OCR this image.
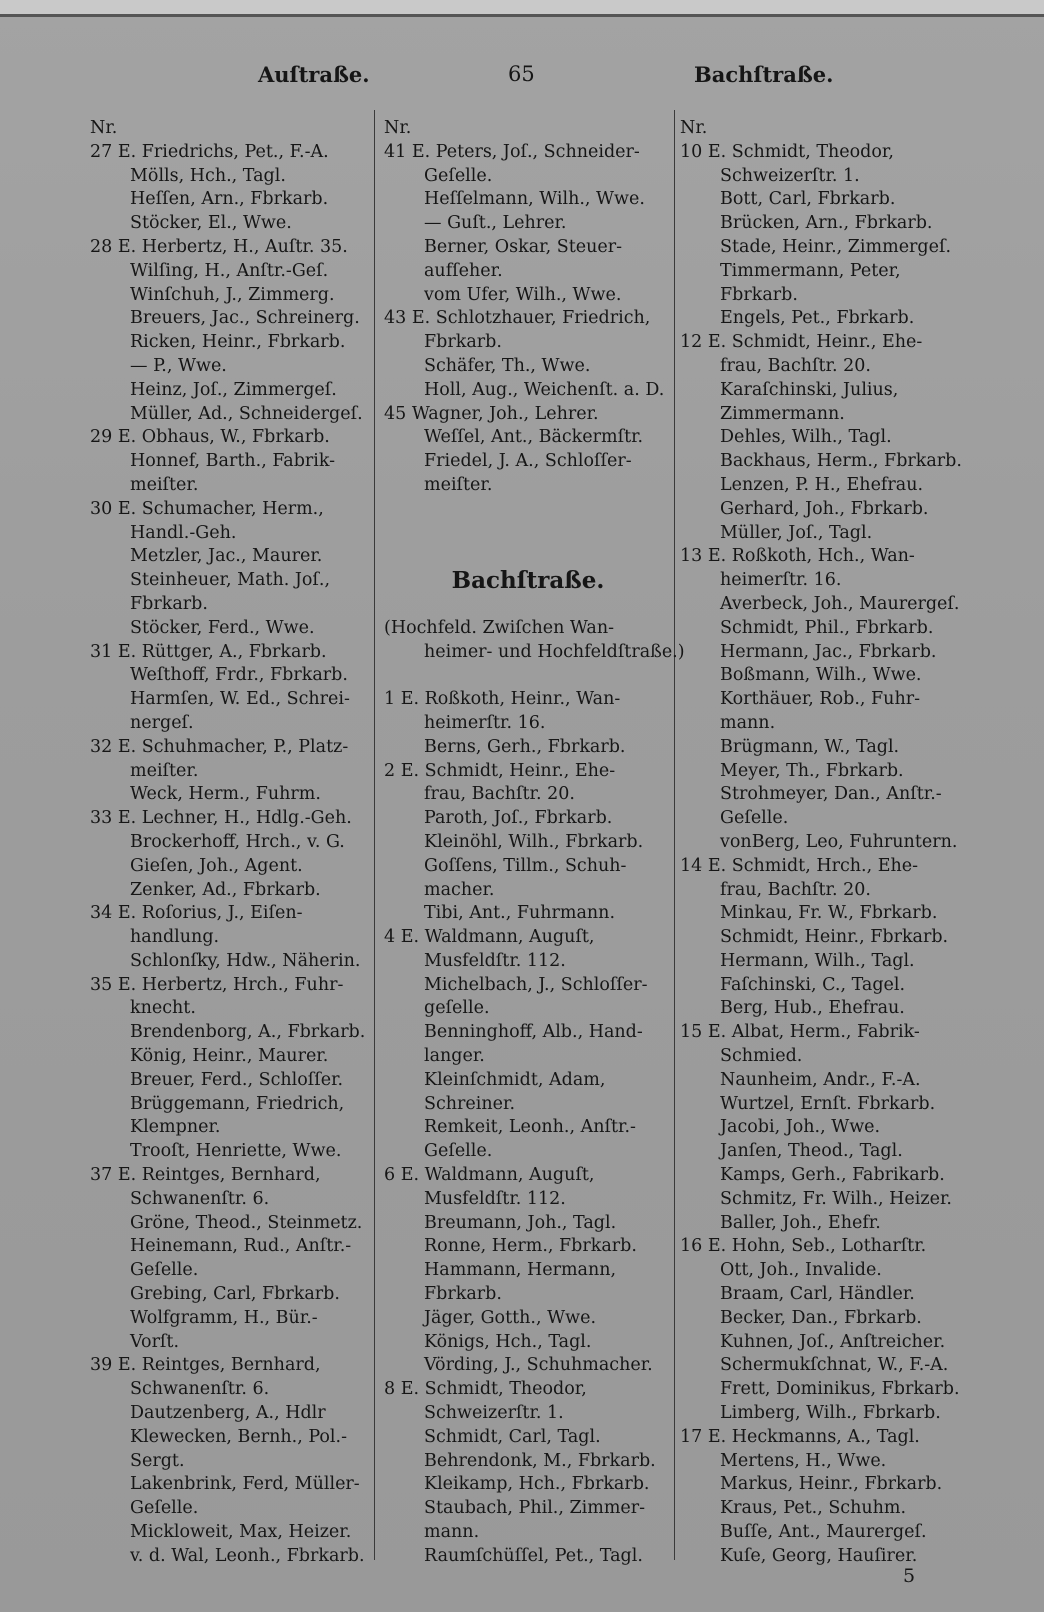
Auſtraße.	65	Bachſtraße.
Nr.
27 E. Friedrichs, Pet., F.-A.
Mölls, Hch., Tagl.
Heſſen, Arn., Fbrkarb.
Stöcker, El., Wwe.
28 E. Herbertz, H., Auſtr. 35.
Wilſing, H., Anſtr.-Geſ.
Winſchuh, J., Zimmerg.
Breuers, Jac., Schreinerg.
Ricken, Heinr., Fbrkarb.
— P., Wwe.
Heinz, Joſ., Zimmergeſ.
Müller, Ad., Schneidergeſ.
29 E. Obhaus, W., Fbrkarb.
Honnef, Barth., Fabrik-
meiſter.
30 E. Schumacher, Herm.,
Handl.-Geh.
Metzler, Jac., Maurer.
Steinheuer, Math. Joſ.,
Fbrkarb.
Stöcker, Ferd., Wwe.
31 E. Rüttger, A., Fbrkarb.
Weſthoff, Frdr., Fbrkarb.
Harmſen, W. Ed., Schrei-
nergeſ.
32 E. Schuhmacher, P., Platz-
meiſter.
Weck, Herm., Fuhrm.
33 E. Lechner, H., Hdlg.-Geh.
Brockerhoff, Hrch., v. G.
Gieſen, Joh., Agent.
Zenker, Ad., Fbrkarb.
34 E. Roſorius, J., Eiſen-
handlung.
Schlonſky, Hdw., Näherin.
35 E. Herbertz, Hrch., Fuhr-
knecht.
Brendenborg, A., Fbrkarb.
König, Heinr., Maurer.
Breuer, Ferd., Schloſſer.
Brüggemann, Friedrich,
Klempner.
Trooſt, Henriette, Wwe.
37 E. Reintges, Bernhard,
Schwanenſtr. 6.
Gröne, Theod., Steinmetz.
Heinemann, Rud., Anſtr.-
Geſelle.
Grebing, Carl, Fbrkarb.
Wolfgramm, H., Bür.-
Vorſt.
39 E. Reintges, Bernhard,
Schwanenſtr. 6.
Dautzenberg, A., Hdlr
Klewecken, Bernh., Pol.-
Sergt.
Lakenbrink, Ferd, Müller-
Geſelle.
Mickloweit, Max, Heizer.
v. d. Wal, Leonh., Fbrkarb.
Nr.
41 E. Peters, Joſ., Schneider-
Geſelle.
Heſſelmann, Wilh., Wwe.
— Guſt., Lehrer.
Berner, Oskar, Steuer-
aufſeher.
vom Ufer, Wilh., Wwe.
43 E. Schlotzhauer, Friedrich,
Fbrkarb.
Schäfer, Th., Wwe.
Holl, Aug., Weichenſt. a. D.
45 Wagner, Joh., Lehrer.
Weſſel, Ant., Bäckermſtr.
Friedel, J. A., Schloſſer-
meiſter.
Bachſtraße.
(Hochfeld. Zwiſchen Wan-
heimer- und Hochfeldſtraße.)
1 E. Roßkoth, Heinr., Wan-
heimerſtr. 16.
Berns, Gerh., Fbrkarb.
2 E. Schmidt, Heinr., Ehe-
frau, Bachſtr. 20.
Paroth, Joſ., Fbrkarb.
Kleinöhl, Wilh., Fbrkarb.
Goſſens, Tillm., Schuh-
macher.
Tibi, Ant., Fuhrmann.
4 E. Waldmann, Auguſt,
Musfeldſtr. 112.
Michelbach, J., Schloſſer-
geſelle.
Benninghoff, Alb., Hand-
langer.
Kleinſchmidt, Adam,
Schreiner.
Remkeit, Leonh., Anſtr.-
Geſelle.
6 E. Waldmann, Auguſt,
Musfeldſtr. 112.
Breumann, Joh., Tagl.
Ronne, Herm., Fbrkarb.
Hammann, Hermann,
Fbrkarb.
Jäger, Gotth., Wwe.
Königs, Hch., Tagl.
Vörding, J., Schuhmacher.
8 E. Schmidt, Theodor,
Schweizerſtr. 1.
Schmidt, Carl, Tagl.
Behrendonk, M., Fbrkarb.
Kleikamp, Hch., Fbrkarb.
Staubach, Phil., Zimmer-
mann.
Raumſchüſſel, Pet., Tagl.
Nr.
10 E. Schmidt, Theodor,
Schweizerſtr. 1.
Bott, Carl, Fbrkarb.
Brücken, Arn., Fbrkarb.
Stade, Heinr., Zimmergeſ.
Timmermann, Peter,
Fbrkarb.
Engels, Pet., Fbrkarb.
12 E. Schmidt, Heinr., Ehe-
frau, Bachſtr. 20.
Karaſchinski, Julius,
Zimmermann.
Dehles, Wilh., Tagl.
Backhaus, Herm., Fbrkarb.
Lenzen, P. H., Ehefrau.
Gerhard, Joh., Fbrkarb.
Müller, Joſ., Tagl.
13 E. Roßkoth, Hch., Wan-
heimerſtr. 16.
Averbeck, Joh., Maurergeſ.
Schmidt, Phil., Fbrkarb.
Hermann, Jac., Fbrkarb.
Boßmann, Wilh., Wwe.
Korthäuer, Rob., Fuhr-
mann.
Brügmann, W., Tagl.
Meyer, Th., Fbrkarb.
Strohmeyer, Dan., Anſtr.-
Geſelle.
vonBerg, Leo, Fuhruntern.
14 E. Schmidt, Hrch., Ehe-
frau, Bachſtr. 20.
Minkau, Fr. W., Fbrkarb.
Schmidt, Heinr., Fbrkarb.
Hermann, Wilh., Tagl.
Faſchinski, C., Tagel.
Berg, Hub., Ehefrau.
15 E. Albat, Herm., Fabrik-
Schmied.
Naunheim, Andr., F.-A.
Wurtzel, Ernſt. Fbrkarb.
Jacobi, Joh., Wwe.
Janſen, Theod., Tagl.
Kamps, Gerh., Fabrikarb.
Schmitz, Fr. Wilh., Heizer.
Baller, Joh., Ehefr.
16 E. Hohn, Seb., Lotharſtr.
Ott, Joh., Invalide.
Braam, Carl, Händler.
Becker, Dan., Fbrkarb.
Kuhnen, Joſ., Anſtreicher.
Schermukſchnat, W., F.-A.
Frett, Dominikus, Fbrkarb.
Limberg, Wilh., Fbrkarb.
17 E. Heckmanns, A., Tagl.
Mertens, H., Wwe.
Markus, Heinr., Fbrkarb.
Kraus, Pet., Schuhm.
Buſſe, Ant., Maurergeſ.
Kuſe, Georg, Hauſirer.
5
